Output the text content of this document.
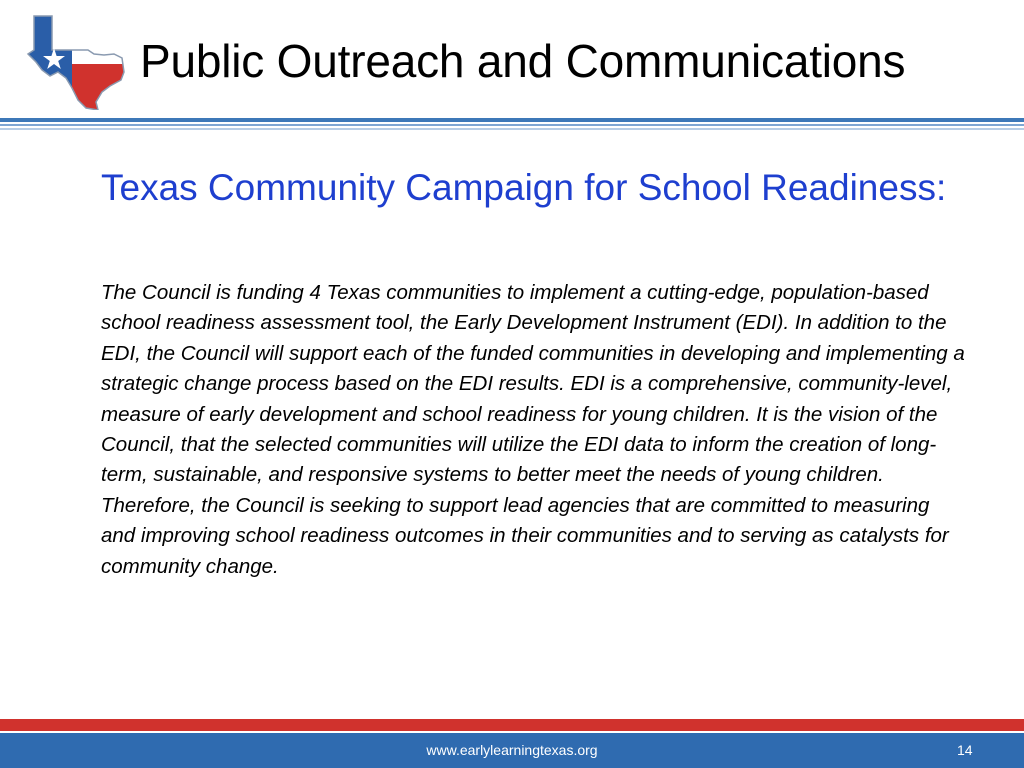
Public Outreach and Communications
Texas Community Campaign for School Readiness:

The Council is funding 4 Texas communities to implement a cutting-edge, population-based school readiness assessment tool, the Early Development Instrument (EDI). In addition to the EDI, the Council will support each of the funded communities in developing and implementing a strategic change process based on the EDI results. EDI is a comprehensive, community-level, measure of early development and school readiness for young children. It is the vision of the Council, that the selected communities will utilize the EDI data to inform the creation of long-term, sustainable, and responsive systems to better meet the needs of young children. Therefore, the Council is seeking to support lead agencies that are committed to measuring and improving school readiness outcomes in their communities and to serving as catalysts for community change.

www.earlylearningtexas.org	14
